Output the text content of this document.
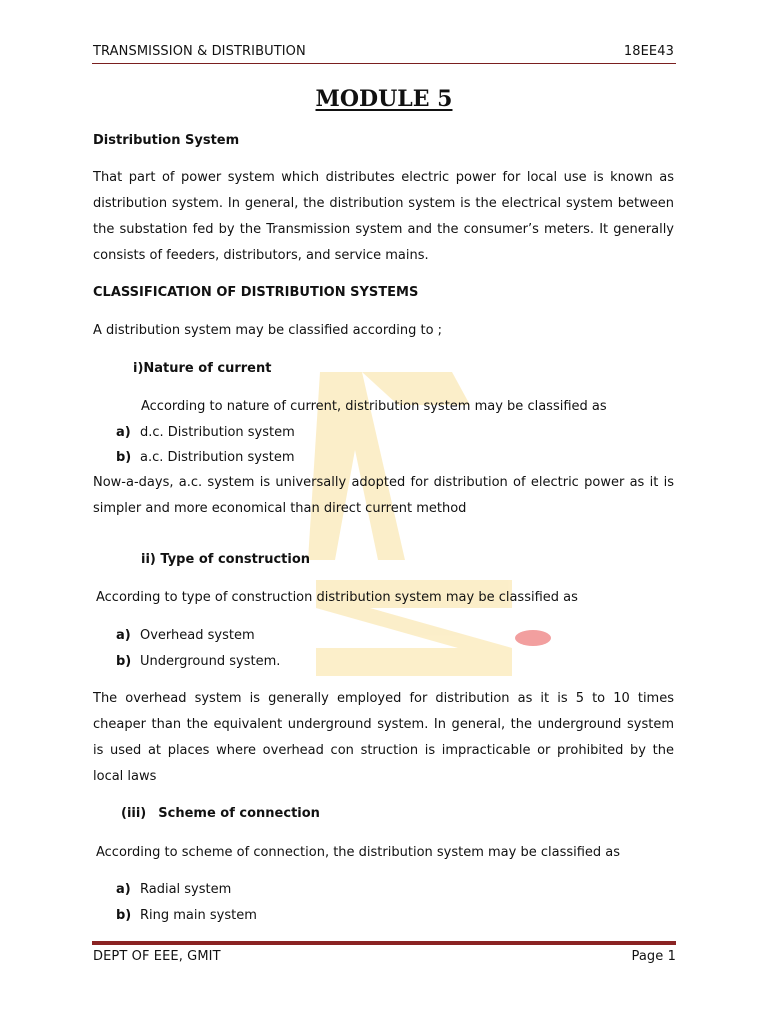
TRANSMISSION & DISTRIBUTION	18EE43
MODULE 5
Distribution System
That part of power system which distributes electric power for local use is known as distribution system. In general, the distribution system is the electrical system between the substation fed by the Transmission system and the consumer’s meters. It generally consists of feeders, distributors, and service mains.
CLASSIFICATION OF DISTRIBUTION SYSTEMS
A distribution system may be classified according to ;
i)Nature of current
According to nature of current, distribution system may be classified as
a) d.c. Distribution system
b) a.c. Distribution system
Now-a-days, a.c. system is universally adopted for distribution of electric power as it is simpler and more economical than direct current method
ii) Type of construction
According to type of construction distribution system may be classified as
a) Overhead system
b) Underground system.
The overhead system is generally employed for distribution as it is 5 to 10 times cheaper than the equivalent underground system. In general, the underground system is used at places where overhead con struction is impracticable or prohibited by the local laws
(iii) Scheme of connection
According to scheme of connection, the distribution system may be classified as
a) Radial system
b) Ring main system
DEPT OF EEE, GMIT	Page 1
